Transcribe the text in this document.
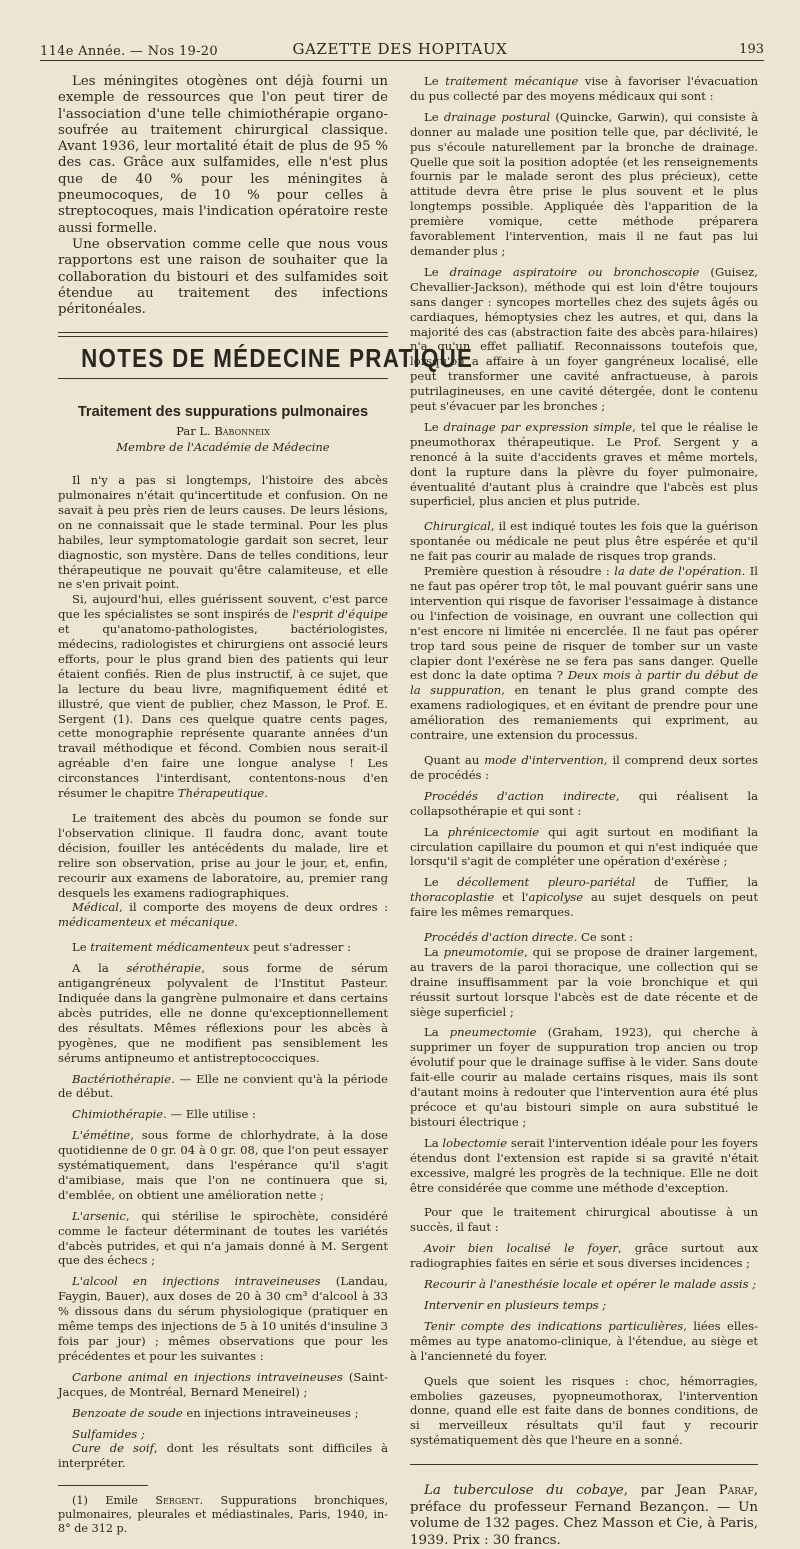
114e Année. — Nos 19-20	GAZETTE DES HOPITAUX	193

Les méningites otogènes ont déjà fourni un exemple de ressources que l'on peut tirer de l'association d'une telle chimiothérapie organo-soufrée au traitement chirurgical classique. Avant 1936, leur mortalité était de plus de 95 % des cas. Grâce aux sulfamides, elle n'est plus que de 40 % pour les méningites à pneumocoques, de 10 % pour celles à streptocoques, mais l'indication opératoire reste aussi formelle.

Une observation comme celle que nous vous rapportons est une raison de souhaiter que la collaboration du bistouri et des sulfamides soit étendue au traitement des infections péritonéales.

NOTES DE MÉDECINE PRATIQUE
Traitement des suppurations pulmonaires
Par L. Babonneix
Membre de l'Académie de Médecine

Il n'y a pas si longtemps, l'histoire des abcès pulmonaires n'était qu'incertitude et confusion. On ne savait à peu près rien de leurs causes. De leurs lésions, on ne connaissait que le stade terminal. Pour les plus habiles, leur symptomatologie gardait son secret, leur diagnostic, son mystère. Dans de telles conditions, leur thérapeutique ne pouvait qu'être calamiteuse, et elle ne s'en privait point.

Si, aujourd'hui, elles guérissent souvent, c'est parce que les spécialistes se sont inspirés de l'esprit d'équipe et qu'anatomo-pathologistes, bactériologistes, médecins, radiologistes et chirurgiens ont associé leurs efforts, pour le plus grand bien des patients qui leur étaient confiés. Rien de plus instructif, à ce sujet, que la lecture du beau livre, magnifiquement édité et illustré, que vient de publier, chez Masson, le Prof. E. Sergent (1). Dans ces quelque quatre cents pages, cette monographie représente quarante années d'un travail méthodique et fécond. Combien nous serait-il agréable d'en faire une longue analyse ! Les circonstances l'interdisant, contentons-nous d'en résumer le chapitre Thérapeutique.

Le traitement des abcès du poumon se fonde sur l'observation clinique. Il faudra donc, avant toute décision, fouiller les antécédents du malade, lire et relire son observation, prise au jour le jour, et, enfin, recourir aux examens de laboratoire, au, premier rang desquels les examens radiographiques.

Médical, il comporte des moyens de deux ordres : médicamenteux et mécanique.

Le traitement médicamenteux peut s'adresser :

A la sérothérapie, sous forme de sérum antigangréneux polyvalent de l'Institut Pasteur. Indiquée dans la gangrène pulmonaire et dans certains abcès putrides, elle ne donne qu'exceptionnellement des résultats. Mêmes réflexions pour les abcès à pyogènes, que ne modifient pas sensiblement les sérums antipneumo et antistreptococciques.

Bactériothérapie. — Elle ne convient qu'à la période de début.

Chimiothérapie. — Elle utilise :

L'émétine, sous forme de chlorhydrate, à la dose quotidienne de 0 gr. 04 à 0 gr. 08, que l'on peut essayer systématiquement, dans l'espérance qu'il s'agit d'amibiase, mais que l'on ne continuera que si, d'emblée, on obtient une amélioration nette ;

L'arsenic, qui stérilise le spirochète, considéré comme le facteur déterminant de toutes les variétés d'abcès putrides, et qui n'a jamais donné à M. Sergent que des échecs ;

L'alcool en injections intraveineuses (Landau, Faygin, Bauer), aux doses de 20 à 30 cm³ d'alcool à 33 % dissous dans du sérum physiologique (pratiquer en même temps des injections de 5 à 10 unités d'insuline 3 fois par jour) ; mêmes observations que pour les précédentes et pour les suivantes :

Carbone animal en injections intraveineuses (Saint-Jacques, de Montréal, Bernard Meneirel) ;

Benzoate de soude en injections intraveineuses ;

Sulfamides ;

Cure de soif, dont les résultats sont difficiles à interpréter.

(1) Emile Sergent. Suppurations bronchiques, pulmonaires, pleurales et médiastinales, Paris, 1940, in-8° de 312 p.

Le traitement mécanique vise à favoriser l'évacuation du pus collecté par des moyens médicaux qui sont :

Le drainage postural (Quincke, Garwin), qui consiste à donner au malade une position telle que, par déclivité, le pus s'écoule naturellement par la bronche de drainage. Quelle que soit la position adoptée (et les renseignements fournis par le malade seront des plus précieux), cette attitude devra être prise le plus souvent et le plus longtemps possible. Appliquée dès l'apparition de la première vomique, cette méthode préparera favorablement l'intervention, mais il ne faut pas lui demander plus ;

Le drainage aspiratoire ou bronchoscopie (Guisez, Chevallier-Jackson), méthode qui est loin d'être toujours sans danger : syncopes mortelles chez des sujets âgés ou cardiaques, hémoptysies chez les autres, et qui, dans la majorité des cas (abstraction faite des abcès para-hilaires) n'a qu'un effet palliatif. Reconnaissons toutefois que, lorsqu'on a affaire à un foyer gangréneux localisé, elle peut transformer une cavité anfractueuse, à parois putrilagineuses, en une cavité détergée, dont le contenu peut s'évacuer par les bronches ;

Le drainage par expression simple, tel que le réalise le pneumothorax thérapeutique. Le Prof. Sergent y a renoncé à la suite d'accidents graves et même mortels, dont la rupture dans la plèvre du foyer pulmonaire, éventualité d'autant plus à craindre que l'abcès est plus superficiel, plus ancien et plus putride.

Chirurgical, il est indiqué toutes les fois que la guérison spontanée ou médicale ne peut plus être espérée et qu'il ne fait pas courir au malade de risques trop grands.

Première question à résoudre : la date de l'opération. Il ne faut pas opérer trop tôt, le mal pouvant guérir sans une intervention qui risque de favoriser l'essaimage à distance ou l'infection de voisinage, en ouvrant une collection qui n'est encore ni limitée ni encerclée. Il ne faut pas opérer trop tard sous peine de risquer de tomber sur un vaste clapier dont l'exérèse ne se fera pas sans danger. Quelle est donc la date optima ? Deux mois à partir du début de la suppuration, en tenant le plus grand compte des examens radiologiques, et en évitant de prendre pour une amélioration des remaniements qui expriment, au contraire, une extension du processus.

Quant au mode d'intervention, il comprend deux sortes de procédés :

Procédés d'action indirecte, qui réalisent la collapsothérapie et qui sont :

La phrénicectomie qui agit surtout en modifiant la circulation capillaire du poumon et qui n'est indiquée que lorsqu'il s'agit de compléter une opération d'exérèse ;

Le décollement pleuro-pariétal de Tuffier, la thoracoplastie et l'apicolyse au sujet desquels on peut faire les mêmes remarques.

Procédés d'action directe. Ce sont :

La pneumotomie, qui se propose de drainer largement, au travers de la paroi thoracique, une collection qui se draine insuffisamment par la voie bronchique et qui réussit surtout lorsque l'abcès est de date récente et de siège superficiel ;

La pneumectomie (Graham, 1923), qui cherche à supprimer un foyer de suppuration trop ancien ou trop évolutif pour que le drainage suffise à le vider. Sans doute fait-elle courir au malade certains risques, mais ils sont d'autant moins à redouter que l'intervention aura été plus précoce et qu'au bistouri simple on aura substitué le bistouri électrique ;

La lobectomie serait l'intervention idéale pour les foyers étendus dont l'extension est rapide si sa gravité n'était excessive, malgré les progrès de la technique. Elle ne doit être considérée que comme une méthode d'exception.

Pour que le traitement chirurgical aboutisse à un succès, il faut :

Avoir bien localisé le foyer, grâce surtout aux radiographies faites en série et sous diverses incidences ;

Recourir à l'anesthésie locale et opérer le malade assis ;

Intervenir en plusieurs temps ;

Tenir compte des indications particulières, liées elles-mêmes au type anatomo-clinique, à l'étendue, au siège et à l'ancienneté du foyer.

Quels que soient les risques : choc, hémorragies, embolies gazeuses, pyopneumothorax, l'intervention donne, quand elle est faite dans de bonnes conditions, de si merveilleux résultats qu'il faut y recourir systématiquement dès que l'heure en a sonné.

La tuberculose du cobaye, par Jean Paraf, préface du professeur Fernand Bezançon. — Un volume de 132 pages. Chez Masson et Cie, à Paris, 1939. Prix : 30 francs.
